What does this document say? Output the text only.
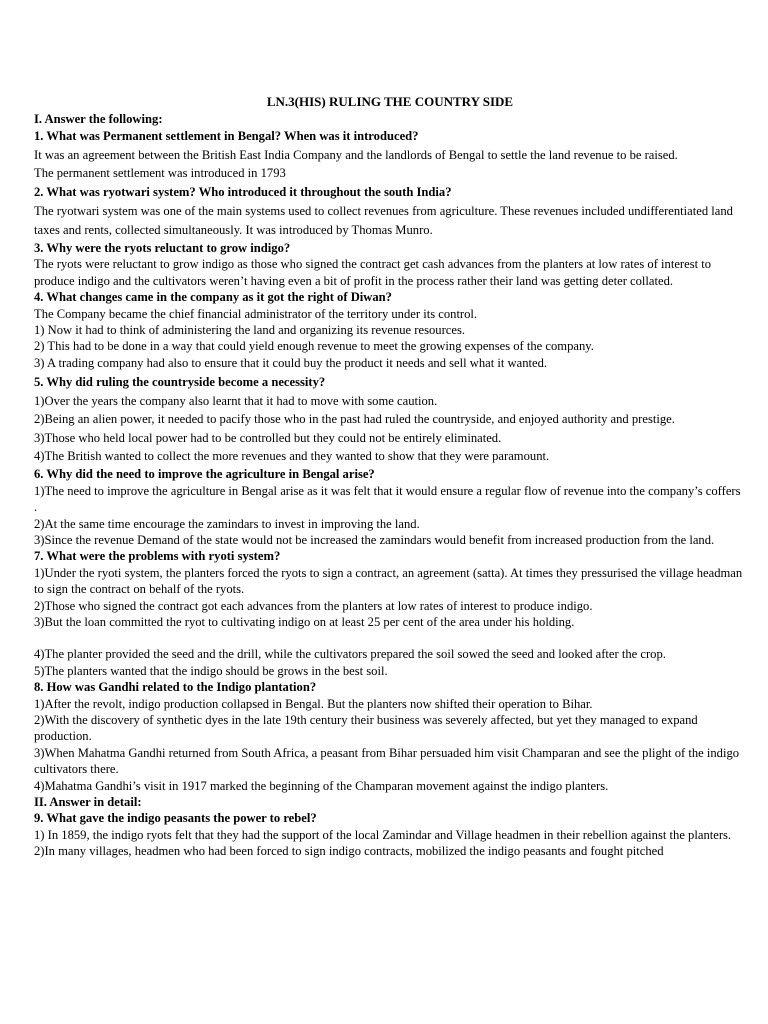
LN.3(HIS) RULING THE COUNTRY SIDE
I. Answer the following:
1. What was Permanent settlement in Bengal? When was it introduced?
It was an agreement between the British East India Company and the landlords of Bengal to settle the land revenue to be raised.
The permanent settlement was introduced in 1793
2. What was ryotwari system? Who introduced it throughout the south India?
The ryotwari system was one of the main systems used to collect revenues from agriculture. These revenues included undifferentiated land taxes and rents, collected simultaneously. It was introduced by Thomas Munro.
3. Why were the ryots reluctant to grow indigo?
The ryots were reluctant to grow indigo as those who signed the contract get cash advances from the planters at low rates of interest to produce indigo and the cultivators weren’t having even a bit of profit in the process rather their land was getting deter collated.
4. What changes came in the company as it got the right of Diwan?
The Company became the chief financial administrator of the territory under its control.
1) Now it had to think of administering the land and organizing its revenue resources.
2) This had to be done in a way that could yield enough revenue to meet the growing expenses of the company.
3) A trading company had also to ensure that it could buy the product it needs and sell what it wanted.
5. Why did ruling the countryside become a necessity?
1)Over the years the company also learnt that it had to move with some caution.
2)Being an alien power, it needed to pacify those who in the past had ruled the countryside, and enjoyed authority and prestige.
3)Those who held local power had to be controlled but they could not be entirely eliminated.
4)The British wanted to collect the more revenues and they wanted to show that they were paramount.
6. Why did the need to improve the agriculture in Bengal arise?
1)The need to improve the agriculture in Bengal arise as it was felt that it would ensure a regular flow of revenue into the company’s coffers .
2)At the same time encourage the zamindars to invest in improving the land.
3)Since the revenue Demand of the state would not be increased the zamindars would benefit from increased production from the land.
7. What were the problems with ryoti system?
1)Under the ryoti system, the planters forced the ryots to sign a contract, an agreement (satta). At times they pressurised the village headman to sign the contract on behalf of the ryots.
2)Those who signed the contract got each advances from the planters at low rates of interest to produce indigo.
3)But the loan committed the ryot to cultivating indigo on at least 25 per cent of the area under his holding.
4)The planter provided the seed and the drill, while the cultivators prepared the soil sowed the seed and looked after the crop.
5)The planters wanted that the indigo should be grows in the best soil.
8. How was Gandhi related to the Indigo plantation?
1)After the revolt, indigo production collapsed in Bengal. But the planters now shifted their operation to Bihar.
2)With the discovery of synthetic dyes in the late 19th century their business was severely affected, but yet they managed to expand production.
3)When Mahatma Gandhi returned from South Africa, a peasant from Bihar persuaded him visit Champaran and see the plight of the indigo cultivators there.
4)Mahatma Gandhi’s visit in 1917 marked the beginning of the Champaran movement against the indigo planters.
II. Answer in detail:
9. What gave the indigo peasants the power to rebel?
1) In 1859, the indigo ryots felt that they had the support of the local Zamindar and Village headmen in their rebellion against the planters.
2)In many villages, headmen who had been forced to sign indigo contracts, mobilized the indigo peasants and fought pitched
